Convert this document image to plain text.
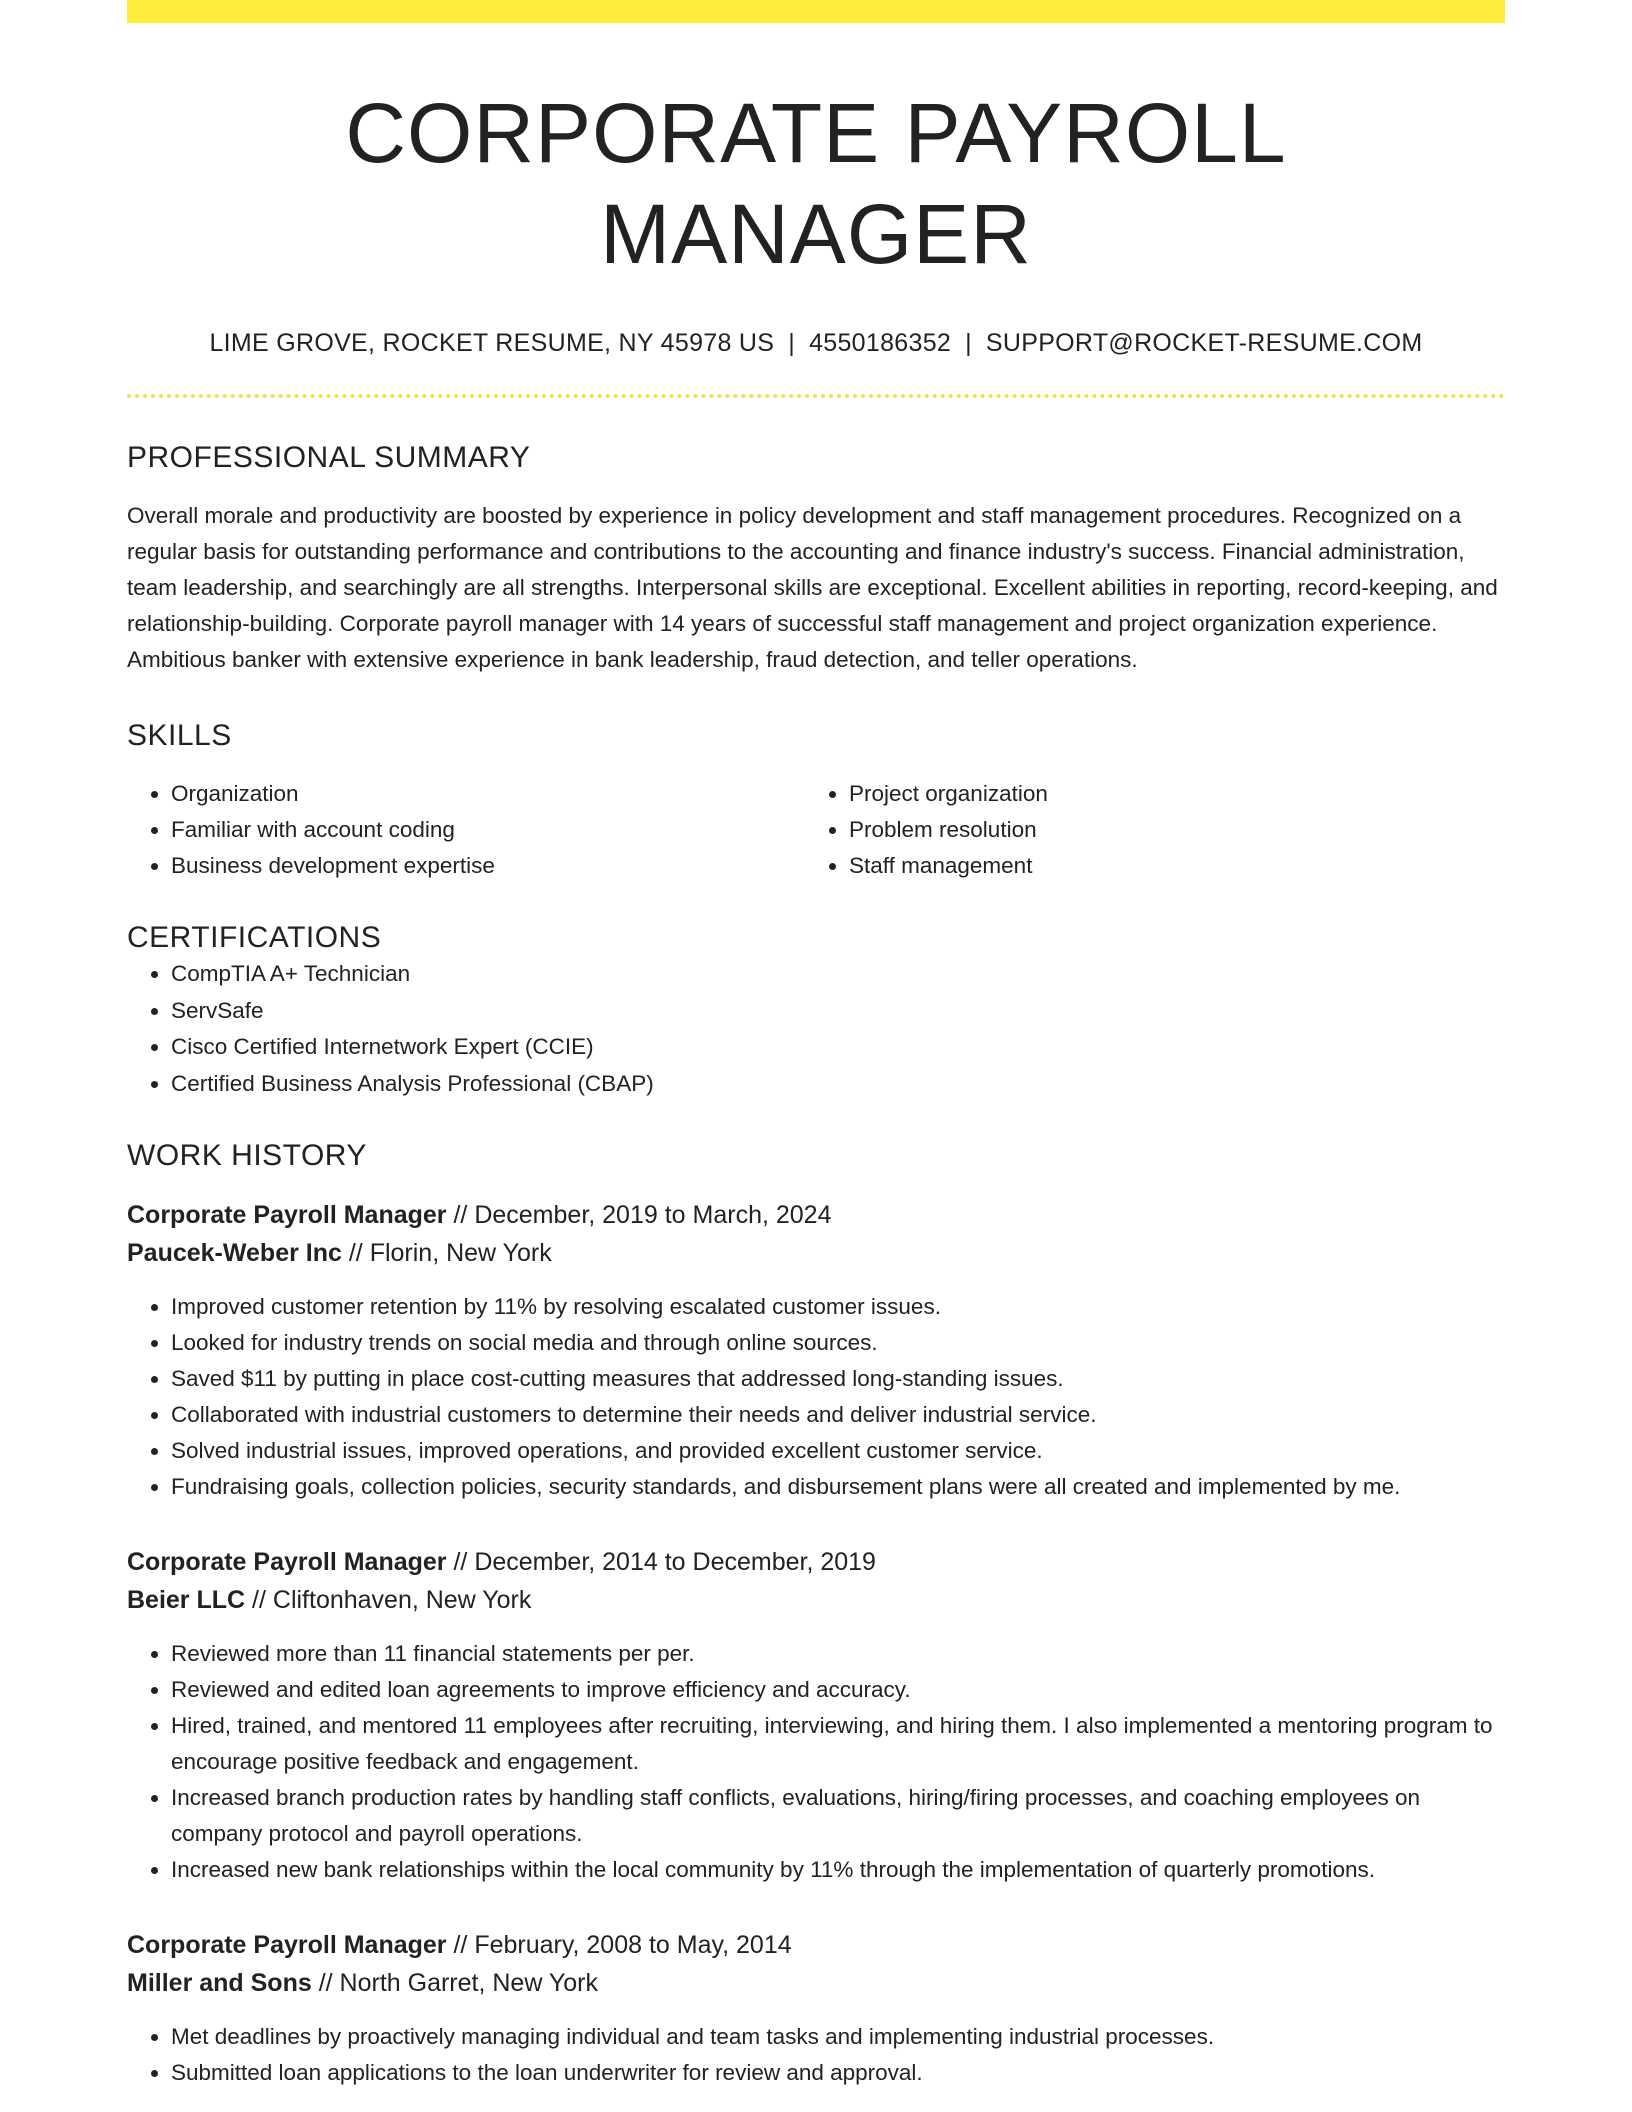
CORPORATE PAYROLL MANAGER
LIME GROVE, ROCKET RESUME, NY 45978 US | 4550186352 | SUPPORT@ROCKET-RESUME.COM
PROFESSIONAL SUMMARY

Overall morale and productivity are boosted by experience in policy development and staff management procedures. Recognized on a regular basis for outstanding performance and contributions to the accounting and finance industry's success. Financial administration, team leadership, and searchingly are all strengths. Interpersonal skills are exceptional. Excellent abilities in reporting, record-keeping, and relationship-building. Corporate payroll manager with 14 years of successful staff management and project organization experience. Ambitious banker with extensive experience in bank leadership, fraud detection, and teller operations.

SKILLS
• Organization
• Familiar with account coding
• Business development expertise
• Project organization
• Problem resolution
• Staff management
CERTIFICATIONS
• CompTIA A+ Technician
• ServSafe
• Cisco Certified Internetwork Expert (CCIE)
• Certified Business Analysis Professional (CBAP)
WORK HISTORY
Corporate Payroll Manager // December, 2019 to March, 2024
Paucek-Weber Inc // Florin, New York
• Improved customer retention by 11% by resolving escalated customer issues.
• Looked for industry trends on social media and through online sources.
• Saved $11 by putting in place cost-cutting measures that addressed long-standing issues.
• Collaborated with industrial customers to determine their needs and deliver industrial service.
• Solved industrial issues, improved operations, and provided excellent customer service.
• Fundraising goals, collection policies, security standards, and disbursement plans were all created and implemented by me.
Corporate Payroll Manager // December, 2014 to December, 2019
Beier LLC // Cliftonhaven, New York
• Reviewed more than 11 financial statements per per.
• Reviewed and edited loan agreements to improve efficiency and accuracy.
• Hired, trained, and mentored 11 employees after recruiting, interviewing, and hiring them. I also implemented a mentoring program to encourage positive feedback and engagement.
• Increased branch production rates by handling staff conflicts, evaluations, hiring/firing processes, and coaching employees on company protocol and payroll operations.
• Increased new bank relationships within the local community by 11% through the implementation of quarterly promotions.
Corporate Payroll Manager // February, 2008 to May, 2014
Miller and Sons // North Garret, New York
• Met deadlines by proactively managing individual and team tasks and implementing industrial processes.
• Submitted loan applications to the loan underwriter for review and approval.
